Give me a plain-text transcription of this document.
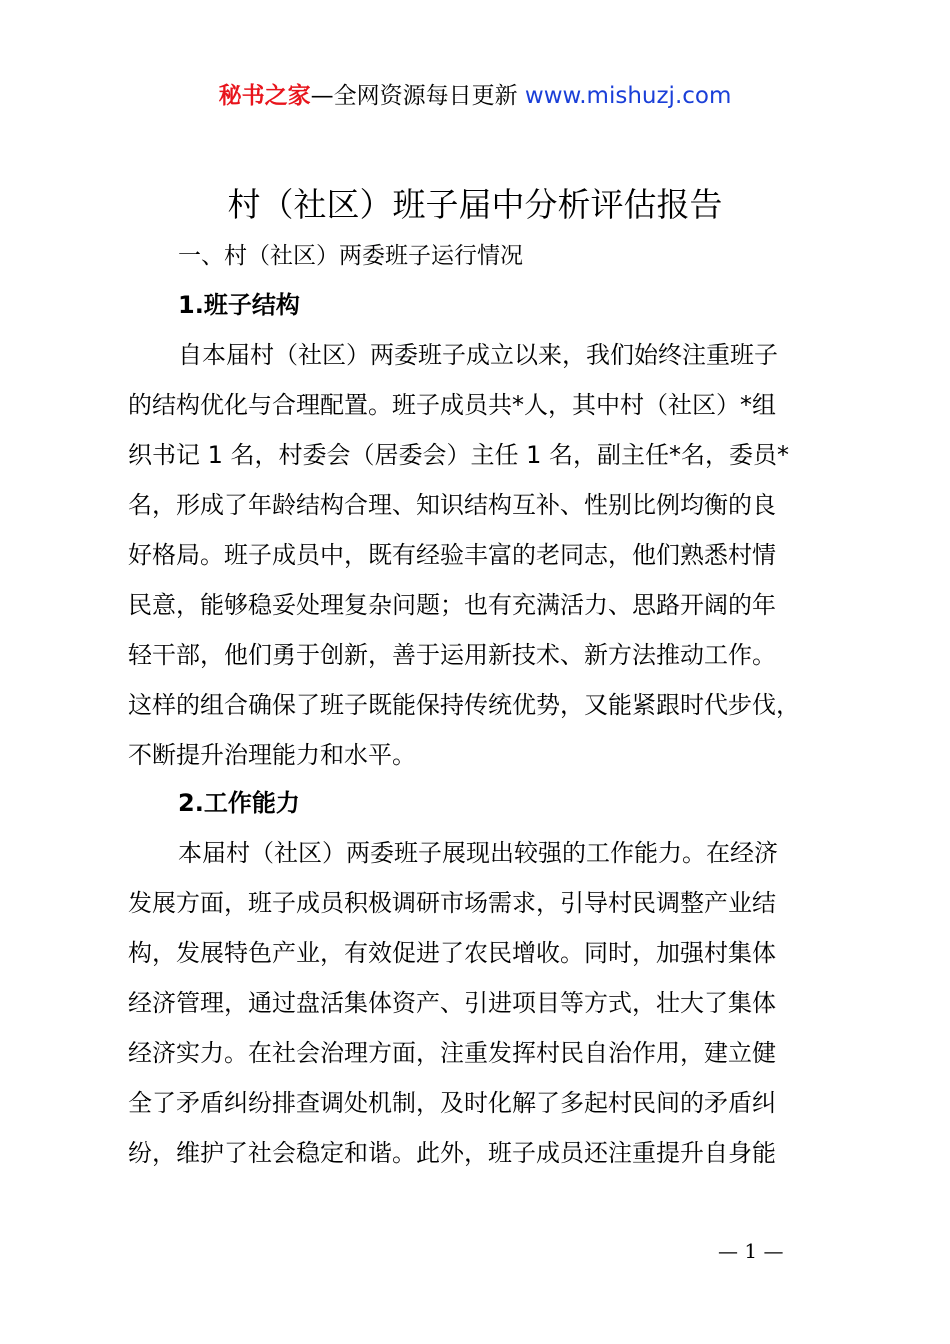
秘书之家—全网资源每日更新 www.mishuzj.com
村（社区）班子届中分析评估报告
一、村（社区）两委班子运行情况
1.班子结构
自本届村（社区）两委班子成立以来，我们始终注重班子
的结构优化与合理配置。班子成员共*人，其中村（社区）*组
织书记 1 名，村委会（居委会）主任 1 名，副主任*名，委员*
名，形成了年龄结构合理、知识结构互补、性别比例均衡的良
好格局。班子成员中，既有经验丰富的老同志，他们熟悉村情
民意，能够稳妥处理复杂问题；也有充满活力、思路开阔的年
轻干部，他们勇于创新，善于运用新技术、新方法推动工作。
这样的组合确保了班子既能保持传统优势，又能紧跟时代步伐，
不断提升治理能力和水平。
2.工作能力
本届村（社区）两委班子展现出较强的工作能力。在经济
发展方面，班子成员积极调研市场需求，引导村民调整产业结
构，发展特色产业，有效促进了农民增收。同时，加强村集体
经济管理，通过盘活集体资产、引进项目等方式，壮大了集体
经济实力。在社会治理方面，注重发挥村民自治作用，建立健
全了矛盾纠纷排查调处机制，及时化解了多起村民间的矛盾纠
纷，维护了社会稳定和谐。此外，班子成员还注重提升自身能
— 1 —
